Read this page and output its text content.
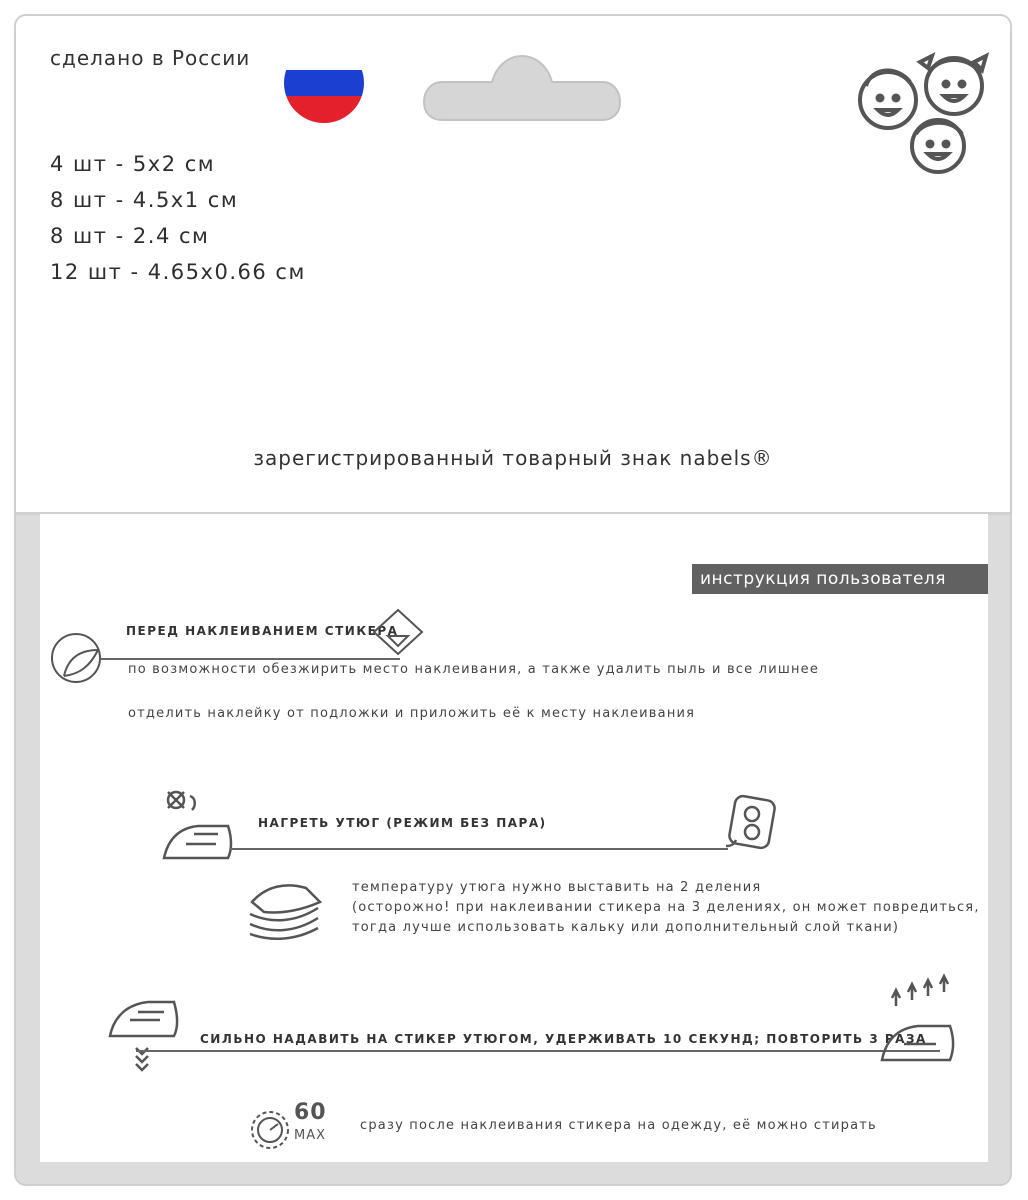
сделано в России
4 шт - 5x2 см
8 шт - 4.5x1 см
8 шт - 2.4 см
12 шт - 4.65x0.66 см
зарегистрированный товарный знак nabels®
инструкция пользователя
ПЕРЕД НАКЛЕИВАНИЕМ СТИКЕРА
по возможности обезжирить место наклеивания, а также удалить пыль и все лишнее
отделить наклейку от подложки и приложить её к месту наклеивания
НАГРЕТЬ УТЮГ (РЕЖИМ БЕЗ ПАРА)
температуру утюга нужно выставить на 2 деления
(осторожно! при наклеивании стикера на 3 делениях, он может повредиться,
тогда лучше использовать кальку или дополнительный слой ткани)
СИЛЬНО НАДАВИТЬ НА СТИКЕР УТЮГОМ, УДЕРЖИВАТЬ 10 СЕКУНД; ПОВТОРИТЬ 3 РАЗА
60
MAX
сразу после наклеивания стикера на одежду, её можно стирать
